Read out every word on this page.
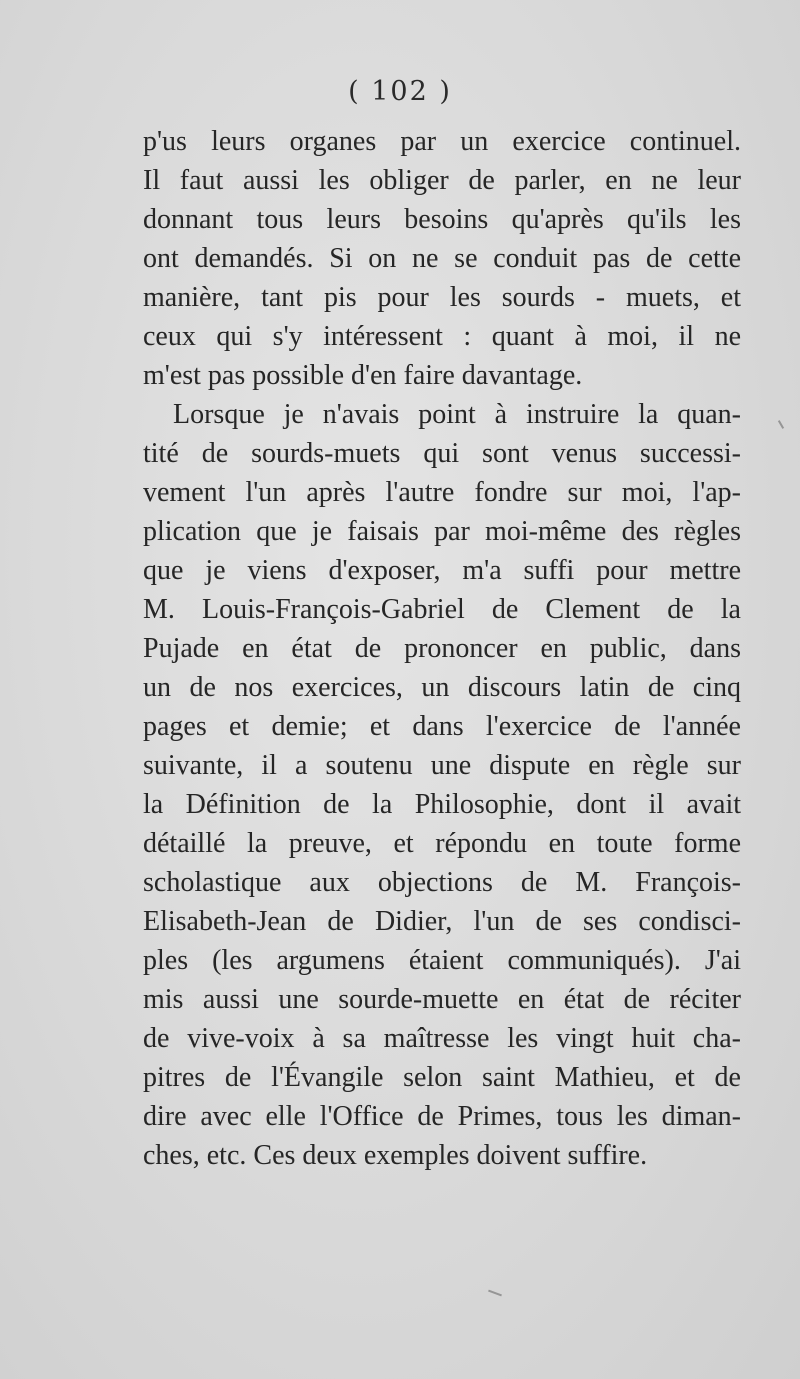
( 102 )
p'us leurs organes par un exercice continuel.
Il faut aussi les obliger de parler, en ne leur
donnant tous leurs besoins qu'après qu'ils les
ont demandés. Si on ne se conduit pas de cette
manière, tant pis pour les sourds - muets, et
ceux qui s'y intéressent : quant à moi, il ne
m'est pas possible d'en faire davantage.
Lorsque je n'avais point à instruire la quan-
tité de sourds-muets qui sont venus successi-
vement l'un après l'autre fondre sur moi, l'ap-
plication que je faisais par moi-même des règles
que je viens d'exposer, m'a suffi pour mettre
M. Louis-François-Gabriel de Clement de la
Pujade en état de prononcer en public, dans
un de nos exercices, un discours latin de cinq
pages et demie; et dans l'exercice de l'année
suivante, il a soutenu une dispute en règle sur
la Définition de la Philosophie, dont il avait
détaillé la preuve, et répondu en toute forme
scholastique aux objections de M. François-
Elisabeth-Jean de Didier, l'un de ses condisci-
ples (les argumens étaient communiqués). J'ai
mis aussi une sourde-muette en état de réciter
de vive-voix à sa maîtresse les vingt huit cha-
pitres de l'Évangile selon saint Mathieu, et de
dire avec elle l'Office de Primes, tous les diman-
ches, etc. Ces deux exemples doivent suffire.
